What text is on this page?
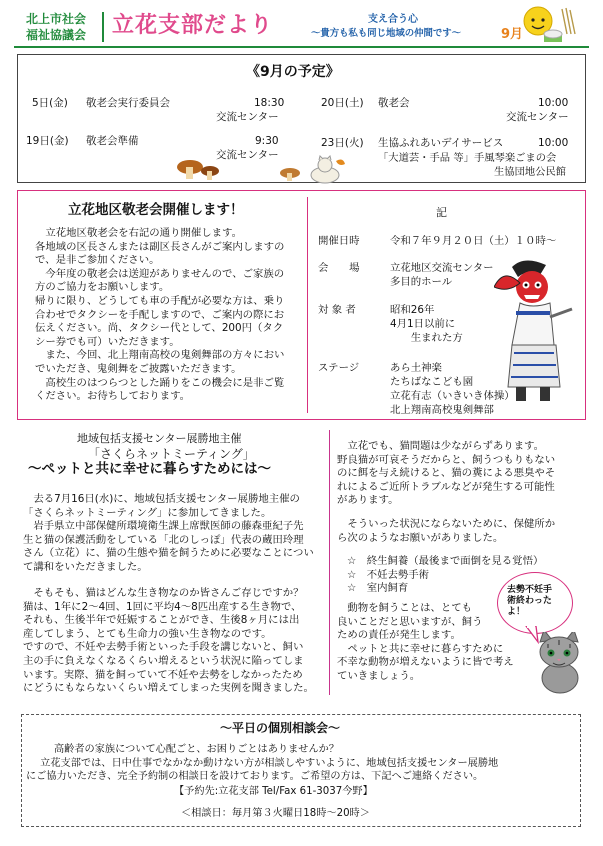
北上市社会
福祉協議会 立花支部だより	支え合う心
～貴方も私も同じ地域の仲間です～	9月
《9月の予定》
5日(金) 敬老会実行委員会	18:30
交流センター
19日(金) 敬老会準備	9:30
交流センター
20日(土) 敬老会	10:00
交流センター
23日(火) 生協ふれあいデイサービス	10:00
「大道芸・手品 等」手風琴楽ごまの会
生協団地公民館
立花地区敬老会開催します！
　立花地区敬老会を右記の通り開催します。
各地域の区長さんまたは副区長さんがご案内しますの
で、是非ご参加ください。
　今年度の敬老会は送迎がありませんので、ご家族の
方のご協力をお願いします。
帰りに限り、どうしても車の手配が必要な方は、乗り
合わせでタクシーを手配しますので、ご案内の際にお
伝えください。尚、タクシー代として、200円（タク
シー券でも可）いただきます。
　また、今回、北上翔南高校の鬼剣舞部の方々におい
でいただき、鬼剣舞をご披露いただきます。
　高校生のはつらつとした踊りをこの機会に是非ご覧
ください。お待ちしております。
記
開催日時	令和７年９月２０日（土）１０時～
会　　場	立花地区交流センター
多目的ホール
対 象 者	昭和26年
4月1日以前に
　　生まれた方
ステージ	あら土神楽
たちばなこども園
立花有志（いきいき体操）
北上翔南高校鬼剣舞部
地域包括支援センター展勝地主催
「さくらネットミーティング」
～ペットと共に幸せに暮らすためには～
　去る7月16日(水)に、地域包括支援センター展勝地主催の
「さくらネットミーティング」に参加してきました。
　岩手県立中部保健所環境衛生課上席獣医師の藤森亜紀子先
生と猫の保護活動をしている「北のしっぽ」代表の蔵田玲理
さん（立花）に、猫の生態や猫を飼うために必要なことについ
て講和をいただきました。
　そもそも、猫はどんな生き物なのか皆さんご存じですか？
猫は、1年に2～4回、1回に平均4～8匹出産する生き物で、
それも、生後半年で妊娠することができ、生後8ヶ月には出
産してしまう、とても生命力の強い生き物なのです。
ですので、不妊や去勢手術といった手段を講じないと、飼い
主の手に負えなくなるくらい増えるという状況に陥ってしま
います。実際、猫を飼っていて不妊や去勢をしなかったため
にどうにもならないくらい増えてしまった実例を聞きました。
　立花でも、猫問題は少ながらずあります。
野良猫が可哀そうだからと、飼うつもりもない
のに餌を与え続けると、猫の糞による悪臭やそ
れによるご近所トラブルなどが発生する可能性
があります。
　そういった状況にならないために、保健所か
ら次のようなお願いがありました。
☆　終生飼養（最後まで面倒を見る覚悟）
☆　不妊去勢手術
☆　室内飼育
　動物を飼うことは、とても
良いことだと思いますが、飼う
ための責任が発生します。
　ペットと共に幸せに暮らすために
不幸な動物が増えないように皆で考え
ていきましょう。
去勢不妊手
術終わった
よ！
～平日の個別相談会～
高齢者の家族について心配ごと、お困りごとはありませんか？
　立花支部では、日中仕事でなかなか動けない方が相談しやすいように、地域包括支援センター展勝地
にご協力いただき、完全予約制の相談日を設けております。ご希望の方は、下記へご連絡ください。
【予約先:立花支部 Tel/Fax 61-3037今野】
＜相談日：毎月第３火曜日18時～20時＞
